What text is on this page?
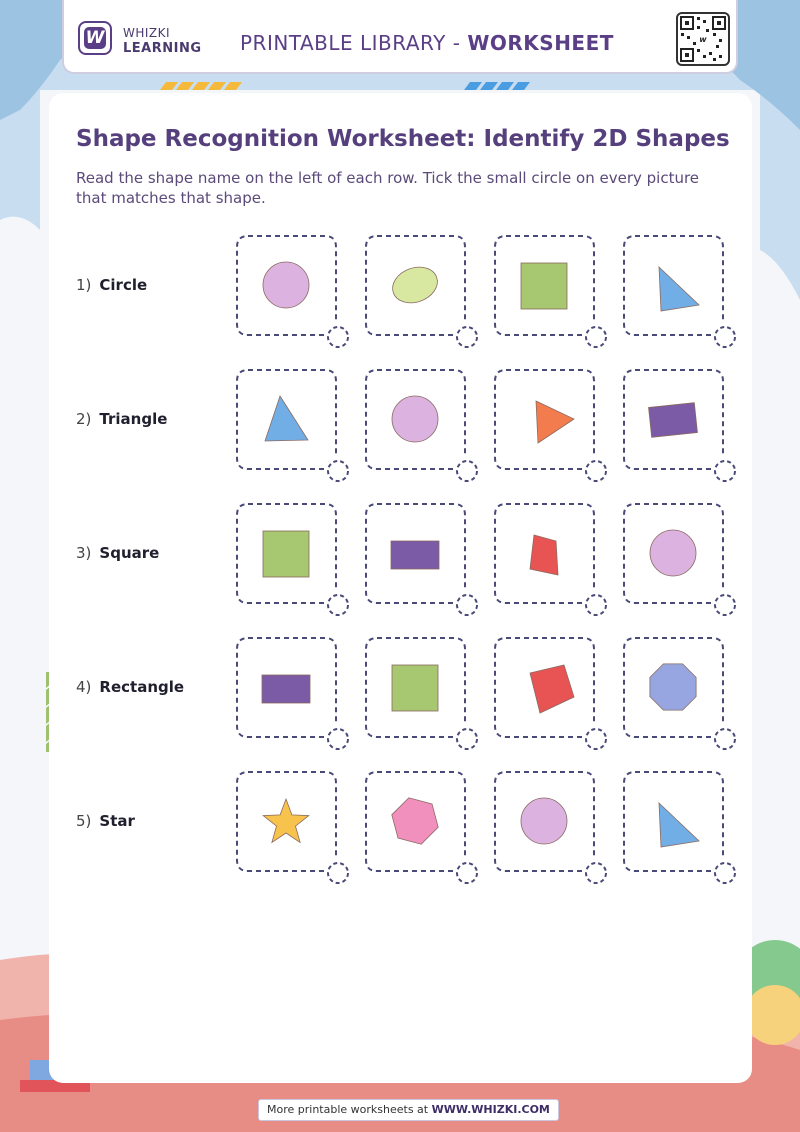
W WHIZKI
LEARNING PRINTABLE LIBRARY - WORKSHEET	w
Shape Recognition Worksheet: Identify 2D Shapes
Read the shape name on the left of each row. Tick the small circle on every picture that matches that shape.
1) Circle
2) Triangle
3) Square
4) Rectangle
5) Star
More printable worksheets at WWW.WHIZKI.COM
